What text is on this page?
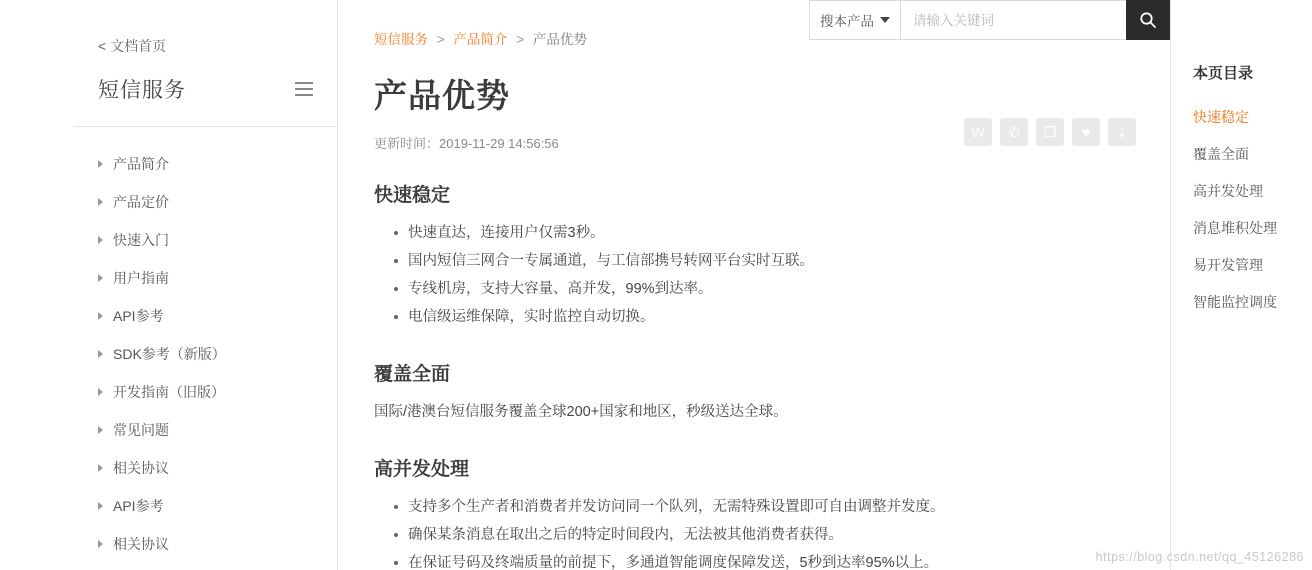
< 文档首页
短信服务
产品简介
产品定价
快速入门
用户指南
API参考
SDK参考（新版）
开发指南（旧版）
常见问题
相关协议
API参考
相关协议
搜本产品
请输入关键词
短信服务 > 产品简介 > 产品优势
产品优势
更新时间：2019-11-29 14:56:56
W	✆	❐	♥	⤓
快速稳定
快速直达，连接用户仅需3秒。
国内短信三网合一专属通道，与工信部携号转网平台实时互联。
专线机房，支持大容量、高并发，99%到达率。
电信级运维保障，实时监控自动切换。
覆盖全面

国际/港澳台短信服务覆盖全球200+国家和地区，秒级送达全球。

高并发处理
支持多个生产者和消费者并发访问同一个队列，无需特殊设置即可自由调整并发度。
确保某条消息在取出之后的特定时间段内，无法被其他消费者获得。
在保证号码及终端质量的前提下，多通道智能调度保障发送，5秒到达率95%以上。
本页目录
快速稳定
覆盖全面
高并发处理
消息堆积处理
易开发管理
智能监控调度
https://blog.csdn.net/qq_45126286
